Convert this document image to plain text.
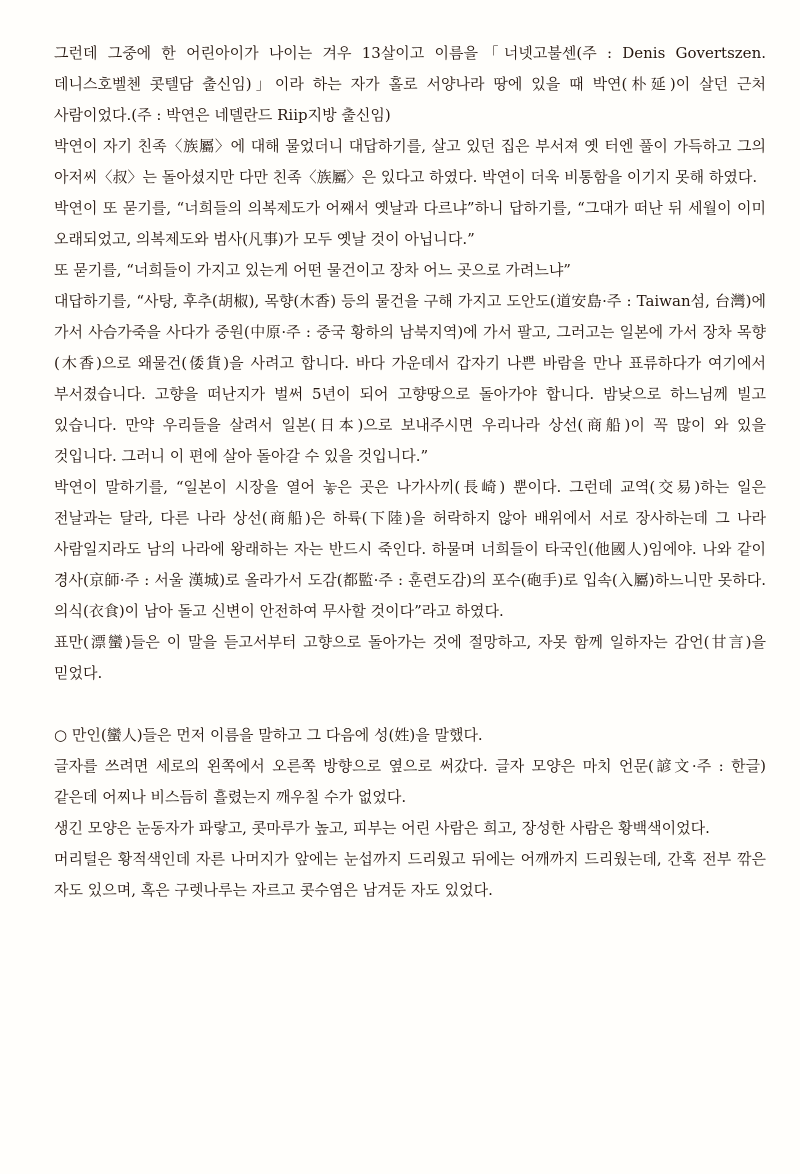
그런데 그중에 한 어린아이가 나이는 겨우 13살이고 이름을「너넷고불센(주 : Denis Govertszen. 데니스호벨첸 콧텔담 출신임)」이라 하는 자가 홀로 서양나라 땅에 있을 때 박연(朴延)이 살던 근처 사람이었다.(주 : 박연은 네델란드 Riip지방 출신임)

박연이 자기 친족〈族屬〉에 대해 물었더니 대답하기를, 살고 있던 집은 부서져 옛 터엔 풀이 가득하고 그의 아저씨〈叔〉는 돌아셨지만 다만 친족〈族屬〉은 있다고 하였다. 박연이 더욱 비통함을 이기지 못해 하였다.

박연이 또 묻기를, “너희들의 의복제도가 어째서 옛날과 다르냐”하니 답하기를, “그대가 떠난 뒤 세월이 이미 오래되었고, 의복제도와 범사(凡事)가 모두 옛날 것이 아닙니다.”

또 묻기를, “너희들이 가지고 있는게 어떤 물건이고 장차 어느 곳으로 가려느냐”

대답하기를, “사탕, 후추(胡椒), 목향(木香) 등의 물건을 구해 가지고 도안도(道安島·주 : Taiwan섬, 台灣)에 가서 사슴가죽을 사다가 중원(中原·주 : 중국 황하의 남북지역)에 가서 팔고, 그러고는 일본에 가서 장차 목향(木香)으로 왜물건(倭貨)을 사려고 합니다. 바다 가운데서 갑자기 나쁜 바람을 만나 표류하다가 여기에서 부서졌습니다. 고향을 떠난지가 벌써 5년이 되어 고향땅으로 돌아가야 합니다. 밤낮으로 하느님께 빌고 있습니다. 만약 우리들을 살려서 일본(日本)으로 보내주시면 우리나라 상선(商船)이 꼭 많이 와 있을 것입니다. 그러니 이 편에 살아 돌아갈 수 있을 것입니다.”

박연이 말하기를, “일본이 시장을 열어 놓은 곳은 나가사끼(長崎) 뿐이다. 그런데 교역(交易)하는 일은 전날과는 달라, 다른 나라 상선(商船)은 하륙(下陸)을 허락하지 않아 배위에서 서로 장사하는데 그 나라 사람일지라도 남의 나라에 왕래하는 자는 반드시 죽인다. 하물며 너희들이 타국인(他國人)임에야. 나와 같이 경사(京師·주 : 서울 漢城)로 올라가서 도감(都監·주 : 훈련도감)의 포수(砲手)로 입속(入屬)하느니만 못하다. 의식(衣食)이 남아 돌고 신변이 안전하여 무사할 것이다”라고 하였다.

표만(漂蠻)들은 이 말을 듣고서부터 고향으로 돌아가는 것에 절망하고, 자못 함께 일하자는 감언(甘言)을 믿었다.

○ 만인(蠻人)들은 먼저 이름을 말하고 그 다음에 성(姓)을 말했다.

글자를 쓰려면 세로의 왼쪽에서 오른쪽 방향으로 옆으로 써갔다. 글자 모양은 마치 언문(諺文·주 : 한글)같은데 어찌나 비스듬히 흘렸는지 깨우칠 수가 없었다.

생긴 모양은 눈동자가 파랗고, 콧마루가 높고, 피부는 어린 사람은 희고, 장성한 사람은 황백색이었다.

머리털은 황적색인데 자른 나머지가 앞에는 눈섭까지 드리웠고 뒤에는 어깨까지 드리웠는데, 간혹 전부 깎은 자도 있으며, 혹은 구렛나루는 자르고 콧수염은 남겨둔 자도 있었다.
